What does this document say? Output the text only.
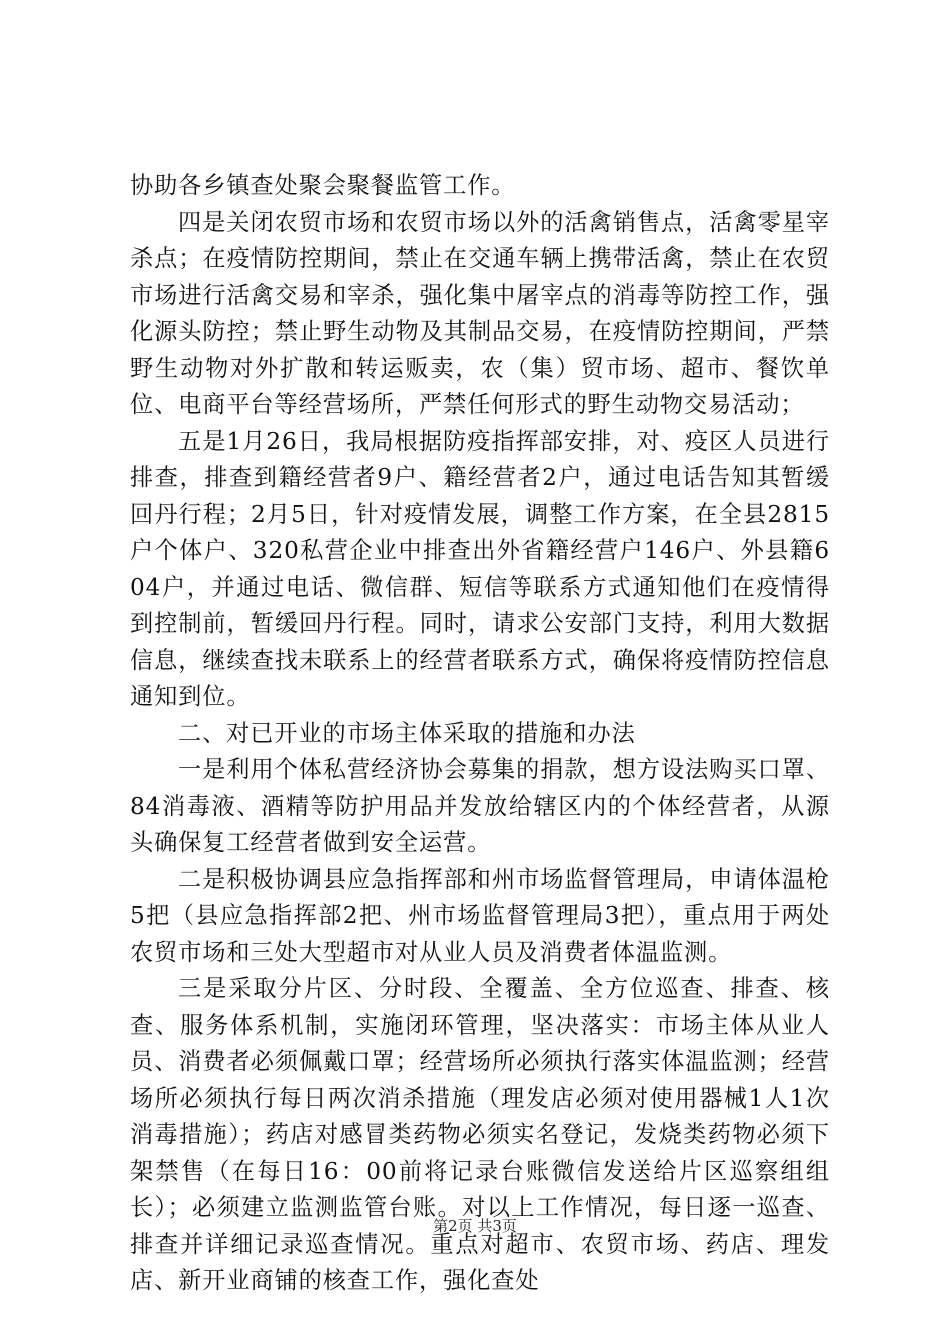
协助各乡镇查处聚会聚餐监管工作。

四是关闭农贸市场和农贸市场以外的活禽销售点，活禽零星宰杀点；在疫情防控期间，禁止在交通车辆上携带活禽，禁止在农贸市场进行活禽交易和宰杀，强化集中屠宰点的消毒等防控工作，强化源头防控；禁止野生动物及其制品交易，在疫情防控期间，严禁野生动物对外扩散和转运贩卖，农（集）贸市场、超市、餐饮单位、电商平台等经营场所，严禁任何形式的野生动物交易活动；

五是1月26日，我局根据防疫指挥部安排，对、疫区人员进行排查，排查到籍经营者9户、籍经营者2户，通过电话告知其暂缓回丹行程；2月5日，针对疫情发展，调整工作方案，在全县2815户个体户、320私营企业中排查出外省籍经营户146户、外县籍604户，并通过电话、微信群、短信等联系方式通知他们在疫情得到控制前，暂缓回丹行程。同时，请求公安部门支持，利用大数据信息，继续查找未联系上的经营者联系方式，确保将疫情防控信息通知到位。

二、对已开业的市场主体采取的措施和办法

一是利用个体私营经济协会募集的捐款，想方设法购买口罩、84消毒液、酒精等防护用品并发放给辖区内的个体经营者，从源头确保复工经营者做到安全运营。

二是积极协调县应急指挥部和州市场监督管理局，申请体温枪5把（县应急指挥部2把、州市场监督管理局3把），重点用于两处农贸市场和三处大型超市对从业人员及消费者体温监测。

三是采取分片区、分时段、全覆盖、全方位巡查、排查、核查、服务体系机制，实施闭环管理，坚决落实：市场主体从业人员、消费者必须佩戴口罩；经营场所必须执行落实体温监测；经营场所必须执行每日两次消杀措施（理发店必须对使用器械1人1次消毒措施）；药店对感冒类药物必须实名登记，发烧类药物必须下架禁售（在每日16：00前将记录台账微信发送给片区巡察组组长）；必须建立监测监管台账。对以上工作情况，每日逐一巡查、排查并详细记录巡查情况。重点对超市、农贸市场、药店、理发店、新开业商铺的核查工作，强化查处

第2页 共3页
